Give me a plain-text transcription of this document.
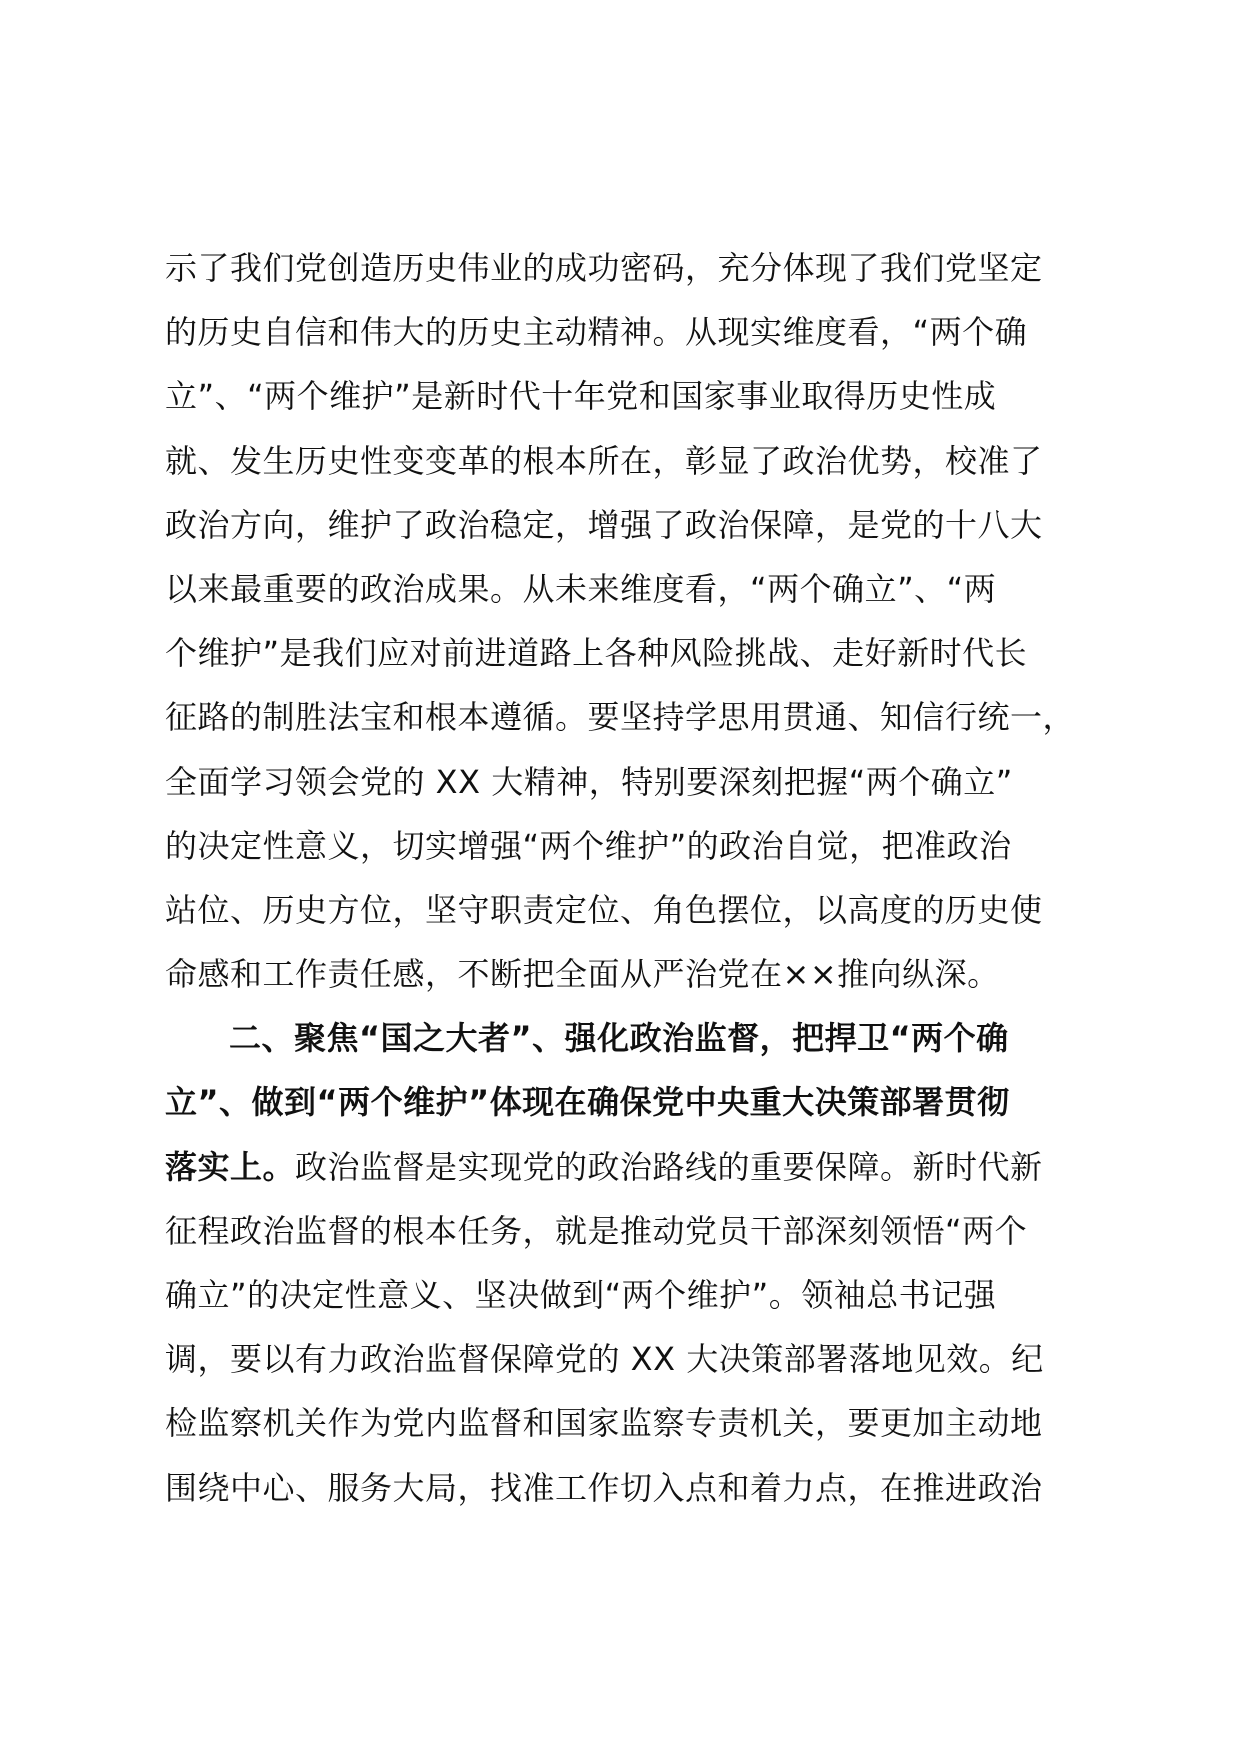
示了我们党创造历史伟业的成功密码，充分体现了我们党坚定
的历史自信和伟大的历史主动精神。从现实维度看，“两个确
立”、“两个维护”是新时代十年党和国家事业取得历史性成
就、发生历史性变变革的根本所在，彰显了政治优势，校准了
政治方向，维护了政治稳定，增强了政治保障，是党的十八大
以来最重要的政治成果。从未来维度看，“两个确立”、“两
个维护”是我们应对前进道路上各种风险挑战、走好新时代长
征路的制胜法宝和根本遵循。要坚持学思用贯通、知信行统一，
全面学习领会党的 XX 大精神，特别要深刻把握“两个确立”
的决定性意义，切实增强“两个维护”的政治自觉，把准政治
站位、历史方位，坚守职责定位、角色摆位，以高度的历史使
命感和工作责任感，不断把全面从严治党在××推向纵深。
二、聚焦“国之大者”、强化政治监督，把捍卫“两个确
立”、做到“两个维护”体现在确保党中央重大决策部署贯彻
落实上。政治监督是实现党的政治路线的重要保障。新时代新
征程政治监督的根本任务，就是推动党员干部深刻领悟“两个
确立”的决定性意义、坚决做到“两个维护”。领袖总书记强
调，要以有力政治监督保障党的 XX 大决策部署落地见效。纪
检监察机关作为党内监督和国家监察专责机关，要更加主动地
围绕中心、服务大局，找准工作切入点和着力点，在推进政治
